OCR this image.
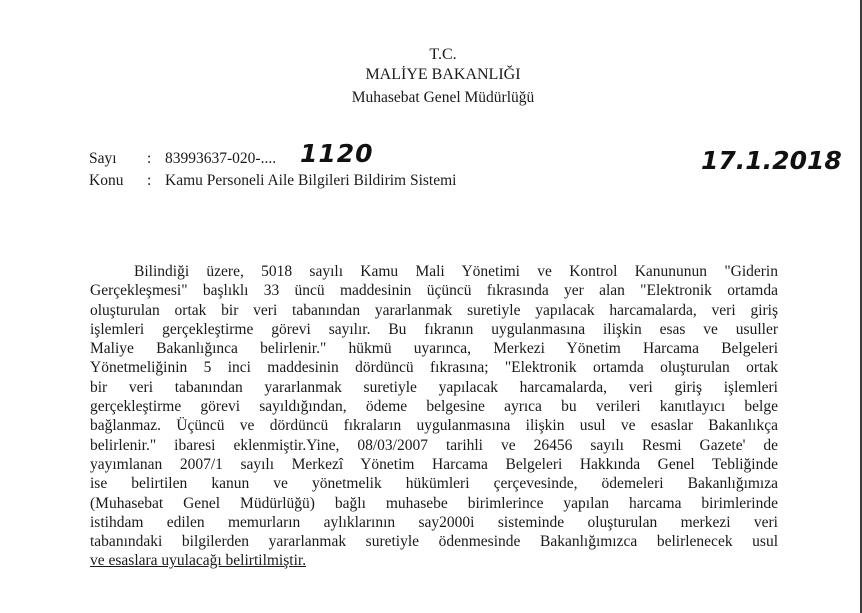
T.C.
MALİYE BAKANLIĞI
Muhasebat Genel Müdürlüğü
Sayı : 83993637-020-.... 1120	17.1.2018
Konu : Kamu Personeli Aile Bilgileri Bildirim Sistemi
Bilindiği üzere, 5018 sayılı Kamu Mali Yönetimi ve Kontrol Kanununun "Giderin
Gerçekleşmesi" başlıklı 33 üncü maddesinin üçüncü fıkrasında yer alan "Elektronik ortamda
oluşturulan ortak bir veri tabanından yararlanmak suretiyle yapılacak harcamalarda, veri giriş
işlemleri gerçekleştirme görevi sayılır. Bu fıkranın uygulanmasına ilişkin esas ve usuller
Maliye Bakanlığınca belirlenir." hükmü uyarınca, Merkezi Yönetim Harcama Belgeleri
Yönetmeliğinin 5 inci maddesinin dördüncü fıkrasına; "Elektronik ortamda oluşturulan ortak
bir veri tabanından yararlanmak suretiyle yapılacak harcamalarda, veri giriş işlemleri
gerçekleştirme görevi sayıldığından, ödeme belgesine ayrıca bu verileri kanıtlayıcı belge
bağlanmaz. Üçüncü ve dördüncü fıkraların uygulanmasına ilişkin usul ve esaslar Bakanlıkça
belirlenir." ibaresi eklenmiştir.Yine, 08/03/2007 tarihli ve 26456 sayılı Resmi Gazete' de
yayımlanan 2007/1 sayılı Merkezî Yönetim Harcama Belgeleri Hakkında Genel Tebliğinde
ise belirtilen kanun ve yönetmelik hükümleri çerçevesinde, ödemeleri Bakanlığımıza
(Muhasebat Genel Müdürlüğü) bağlı muhasebe birimlerince yapılan harcama birimlerinde
istihdam edilen memurların aylıklarının say2000i sisteminde oluşturulan merkezi veri
tabanındaki bilgilerden yararlanmak suretiyle ödenmesinde Bakanlığımızca belirlenecek usul
ve esaslara uyulacağı belirtilmiştir.
